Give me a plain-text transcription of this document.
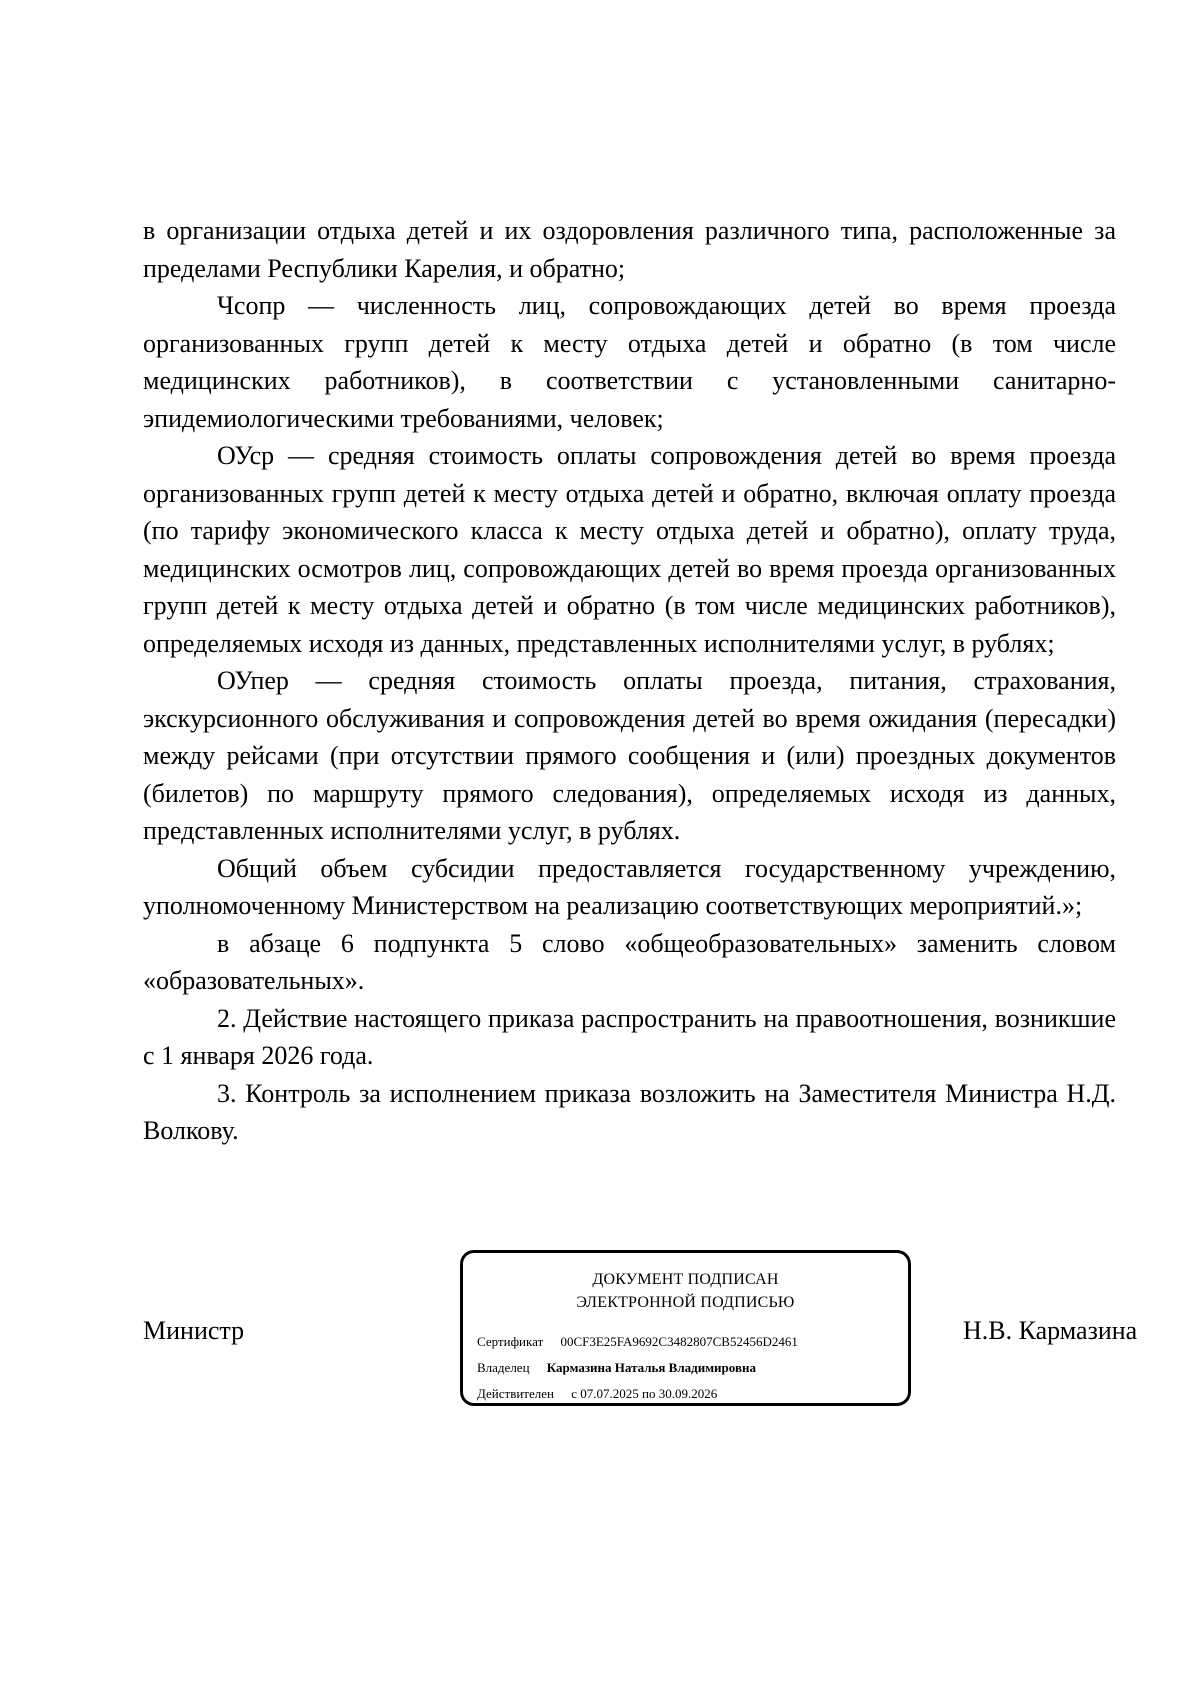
в организации отдыха детей и их оздоровления различного типа, расположенные за пределами Республики Карелия, и обратно;

Чсопр — численность лиц, сопровождающих детей во время проезда организованных групп детей к месту отдыха детей и обратно (в том числе медицинских работников), в соответствии с установленными санитарно-эпидемиологическими требованиями, человек;

ОУср — средняя стоимость оплаты сопровождения детей во время проезда организованных групп детей к месту отдыха детей и обратно, включая оплату проезда (по тарифу экономического класса к месту отдыха детей и обратно), оплату труда, медицинских осмотров лиц, сопровождающих детей во время проезда организованных групп детей к месту отдыха детей и обратно (в том числе медицинских работников), определяемых исходя из данных, представленных исполнителями услуг, в рублях;

ОУпер — средняя стоимость оплаты проезда, питания, страхования, экскурсионного обслуживания и сопровождения детей во время ожидания (пересадки) между рейсами (при отсутствии прямого сообщения и (или) проездных документов (билетов) по маршруту прямого следования), определяемых исходя из данных, представленных исполнителями услуг, в рублях.

Общий объем субсидии предоставляется государственному учреждению, уполномоченному Министерством на реализацию соответствующих мероприятий.»;

в абзаце 6 подпункта 5 слово «общеобразовательных» заменить словом «образовательных».

2. Действие настоящего приказа распространить на правоотношения, возникшие с 1 января 2026 года.

3. Контроль за исполнением приказа возложить на Заместителя Министра Н.Д. Волкову.

Министр
ДОКУМЕНТ ПОДПИСАН
ЭЛЕКТРОННОЙ ПОДПИСЬЮ
Сертификат 00CF3E25FA9692C3482807CB52456D2461
Владелец Кармазина Наталья Владимировна
Действителен с 07.07.2025 по 30.09.2026
Н.В. Кармазина
